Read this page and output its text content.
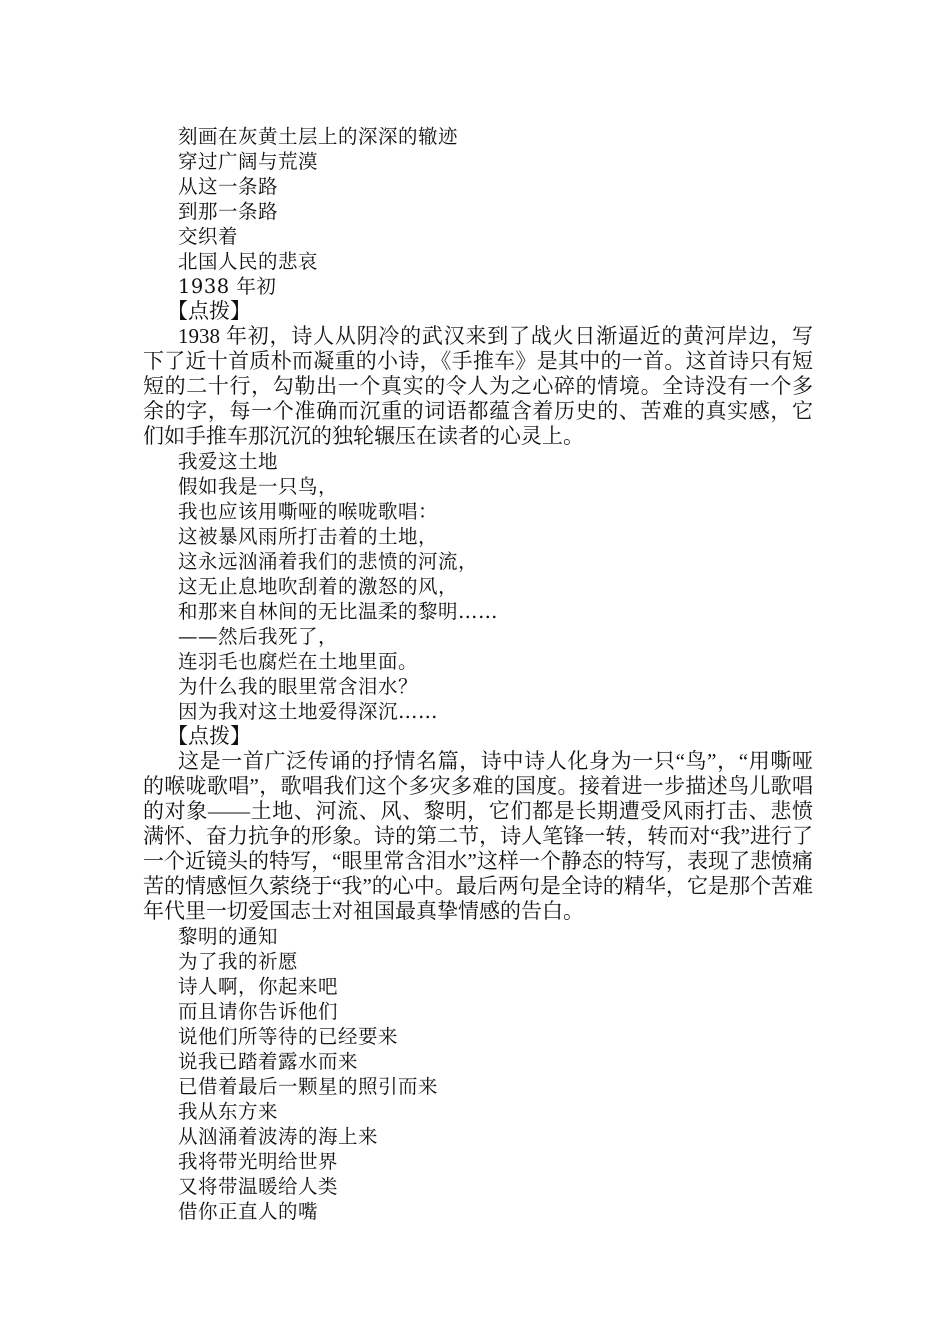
刻画在灰黄土层上的深深的辙迹
穿过广阔与荒漠
从这一条路
到那一条路
交织着
北国人民的悲哀
1938 年初
【点拨】

1938 年初，诗人从阴冷的武汉来到了战火日渐逼近的黄河岸边，写下了近十首质朴而凝重的小诗，《手推车》是其中的一首。这首诗只有短短的二十行，勾勒出一个真实的令人为之心碎的情境。全诗没有一个多余的字，每一个准确而沉重的词语都蕴含着历史的、苦难的真实感，它们如手推车那沉沉的独轮辗压在读者的心灵上。

我爱这土地
假如我是一只鸟，
我也应该用嘶哑的喉咙歌唱：
这被暴风雨所打击着的土地，
这永远汹涌着我们的悲愤的河流，
这无止息地吹刮着的激怒的风，
和那来自林间的无比温柔的黎明……
——然后我死了，
连羽毛也腐烂在土地里面。
为什么我的眼里常含泪水？
因为我对这土地爱得深沉……
【点拨】

这是一首广泛传诵的抒情名篇，诗中诗人化身为一只“鸟”，“用嘶哑的喉咙歌唱”，歌唱我们这个多灾多难的国度。接着进一步描述鸟儿歌唱的对象——土地、河流、风、黎明，它们都是长期遭受风雨打击、悲愤满怀、奋力抗争的形象。诗的第二节，诗人笔锋一转，转而对“我”进行了一个近镜头的特写，“眼里常含泪水”这样一个静态的特写，表现了悲愤痛苦的情感恒久萦绕于“我”的心中。最后两句是全诗的精华，它是那个苦难年代里一切爱国志士对祖国最真挚情感的告白。

黎明的通知
为了我的祈愿
诗人啊，你起来吧
而且请你告诉他们
说他们所等待的已经要来
说我已踏着露水而来
已借着最后一颗星的照引而来
我从东方来
从汹涌着波涛的海上来
我将带光明给世界
又将带温暖给人类
借你正直人的嘴
